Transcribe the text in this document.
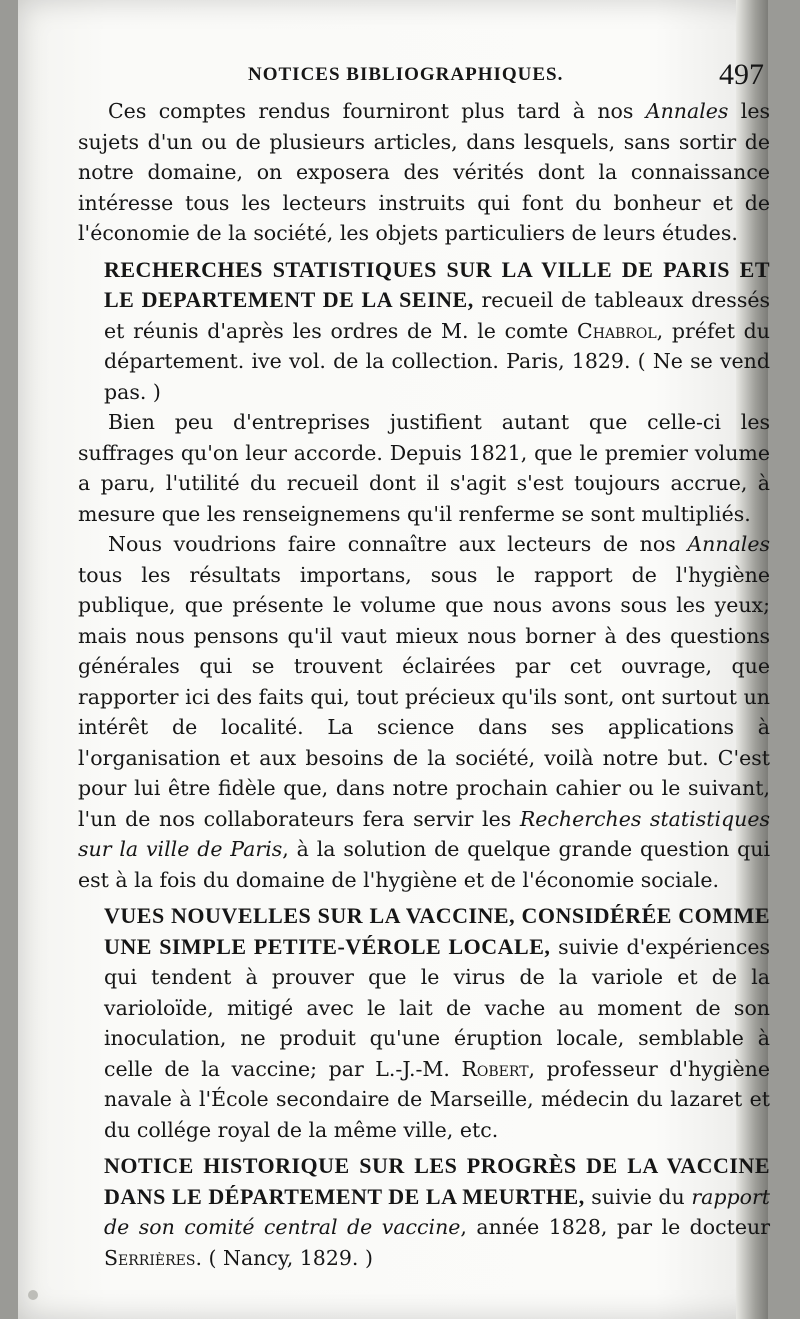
NOTICES BIBLIOGRAPHIQUES.	497

Ces comptes rendus fourniront plus tard à nos Annales les sujets d'un ou de plusieurs articles, dans lesquels, sans sortir de notre domaine, on exposera des vérités dont la connaissance intéresse tous les lecteurs instruits qui font du bonheur et de l'économie de la société, les objets particuliers de leurs études.

RECHERCHES STATISTIQUES SUR LA VILLE DE PARIS ET LE DEPARTEMENT DE LA SEINE, recueil de tableaux dressés et réunis d'après les ordres de M. le comte Chabrol, préfet du département. ive vol. de la collection. Paris, 1829. ( Ne se vend pas. )

Bien peu d'entreprises justifient autant que celle-ci les suffrages qu'on leur accorde. Depuis 1821, que le premier volume a paru, l'utilité du recueil dont il s'agit s'est toujours accrue, à mesure que les renseignemens qu'il renferme se sont multipliés.

Nous voudrions faire connaître aux lecteurs de nos Annales tous les résultats importans, sous le rapport de l'hygiène publique, que présente le volume que nous avons sous les yeux; mais nous pensons qu'il vaut mieux nous borner à des questions générales qui se trouvent éclairées par cet ouvrage, que rapporter ici des faits qui, tout précieux qu'ils sont, ont surtout un intérêt de localité. La science dans ses applications à l'organisation et aux besoins de la société, voilà notre but. C'est pour lui être fidèle que, dans notre prochain cahier ou le suivant, l'un de nos collaborateurs fera servir les Recherches statistiques sur la ville de Paris, à la solution de quelque grande question qui est à la fois du domaine de l'hygiène et de l'économie sociale.

VUES NOUVELLES SUR LA VACCINE, CONSIDÉRÉE COMME UNE SIMPLE PETITE-VÉROLE LOCALE, suivie d'expériences qui tendent à prouver que le virus de la variole et de la varioloïde, mitigé avec le lait de vache au moment de son inoculation, ne produit qu'une éruption locale, semblable à celle de la vaccine; par L.-J.-M. Robert, professeur d'hygiène navale à l'École secondaire de Marseille, médecin du lazaret et du collége royal de la même ville, etc.
NOTICE HISTORIQUE SUR LES PROGRÈS DE LA VACCINE DANS LE DÉPARTEMENT DE LA MEURTHE, suivie du rapport de son comité central de vaccine, année 1828, par le docteur Serrières. ( Nancy, 1829. )
